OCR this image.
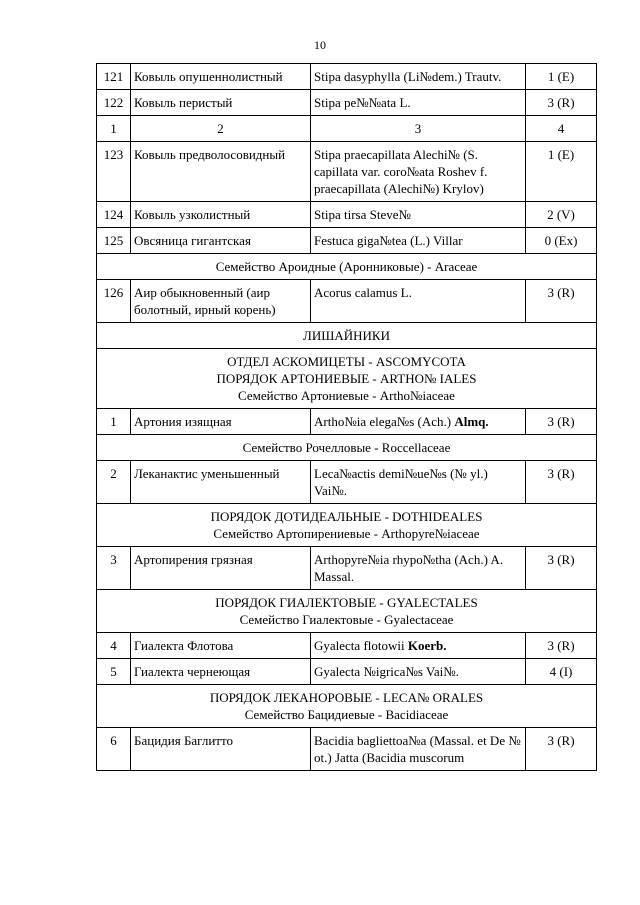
10
121	Ковыль опушеннолистный	Stipa dasyphylla (Li№dem.) Trautv.	1 (E)
122	Ковыль перистый	Stipa pe№№ata L.	3 (R)
1	2	3	4
123	Ковыль предволосовидный	Stipa praecapillata Alechi№ (S. capillata var. coro№ata Roshev f. praecapillata (Alechi№) Krylov)	1 (E)
124	Ковыль узколистный	Stipa tirsa Steve№	2 (V)
125	Овсяница гигантская	Festuca giga№tea (L.) Villar	0 (Ex)

Семейство Ароидные (Аронниковые) - Araceae			

126	Аир обыкновенный (аир болотный, ирный корень)	Acorus calamus L.	3 (R)

ЛИШАЙНИКИ			

ОТДЕЛ АСКОМИЦЕТЫ - ASCOMYCOTA
ПОРЯДОК АРТОНИЕВЫЕ - ARTHO№ IALES
Семейство Артониевые - Artho№iaceae			

1	Артония изящная	Artho№ia elega№s (Ach.) Almq.	3 (R)

Семейство Рочелловые - Roccellaceae			

2	Леканактис уменьшенный	Leca№actis demi№ue№s (№ yl.) Vai№.	3 (R)

ПОРЯДОК ДОТИДЕАЛЬНЫЕ - DOTHIDEALES
Семейство Артопирениевые - Arthopyre№iaceae			

3	Артопирения грязная	Arthopyre№ia rhypo№tha (Ach.) A. Massal.	3 (R)

ПОРЯДОК ГИАЛЕКТОВЫЕ - GYALECTALES
Семейство Гиалектовые - Gyalectaceae			

4	Гиалекта Флотова	Gyalecta flotowii Koerb.	3 (R)
5	Гиалекта чернеющая	Gyalecta №igrica№s Vai№.	4 (I)

ПОРЯДОК ЛЕКАНОРОВЫЕ - LECA№ ORALES
Семейство Бацидиевые - Bacidiaceae			

6	Бацидия Баглитто	Bacidia bagliettoa№a (Massal. et De № ot.) Jatta (Bacidia muscorum	3 (R)
